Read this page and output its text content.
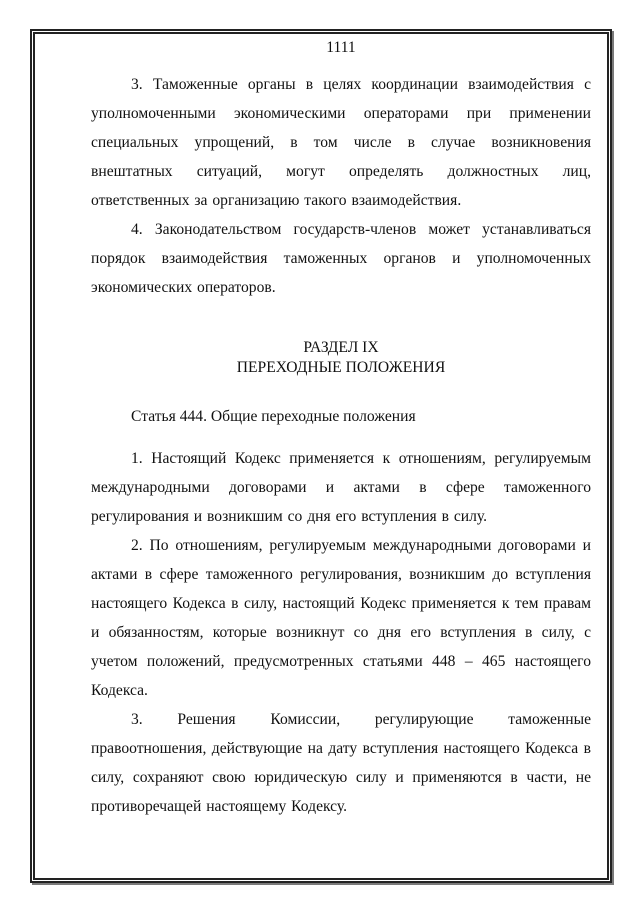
1111

3. Таможенные органы в целях координации взаимодействия с уполномоченными экономическими операторами при применении специальных упрощений, в том числе в случае возникновения внештатных ситуаций, могут определять должностных лиц, ответственных за организацию такого взаимодействия.

4. Законодательством государств-членов может устанавливаться порядок взаимодействия таможенных органов и уполномоченных экономических операторов.

РАЗДЕЛ IX
ПЕРЕХОДНЫЕ ПОЛОЖЕНИЯ

Статья 444. Общие переходные положения

1. Настоящий Кодекс применяется к отношениям, регулируемым международными договорами и актами в сфере таможенного регулирования и возникшим со дня его вступления в силу.

2. По отношениям, регулируемым международными договорами и актами в сфере таможенного регулирования, возникшим до вступления настоящего Кодекса в силу, настоящий Кодекс применяется к тем правам и обязанностям, которые возникнут со дня его вступления в силу, с учетом положений, предусмотренных статьями 448 – 465 настоящего Кодекса.

3. Решения Комиссии, регулирующие таможенные правоотношения, действующие на дату вступления настоящего Кодекса в силу, сохраняют свою юридическую силу и применяются в части, не противоречащей настоящему Кодексу.
